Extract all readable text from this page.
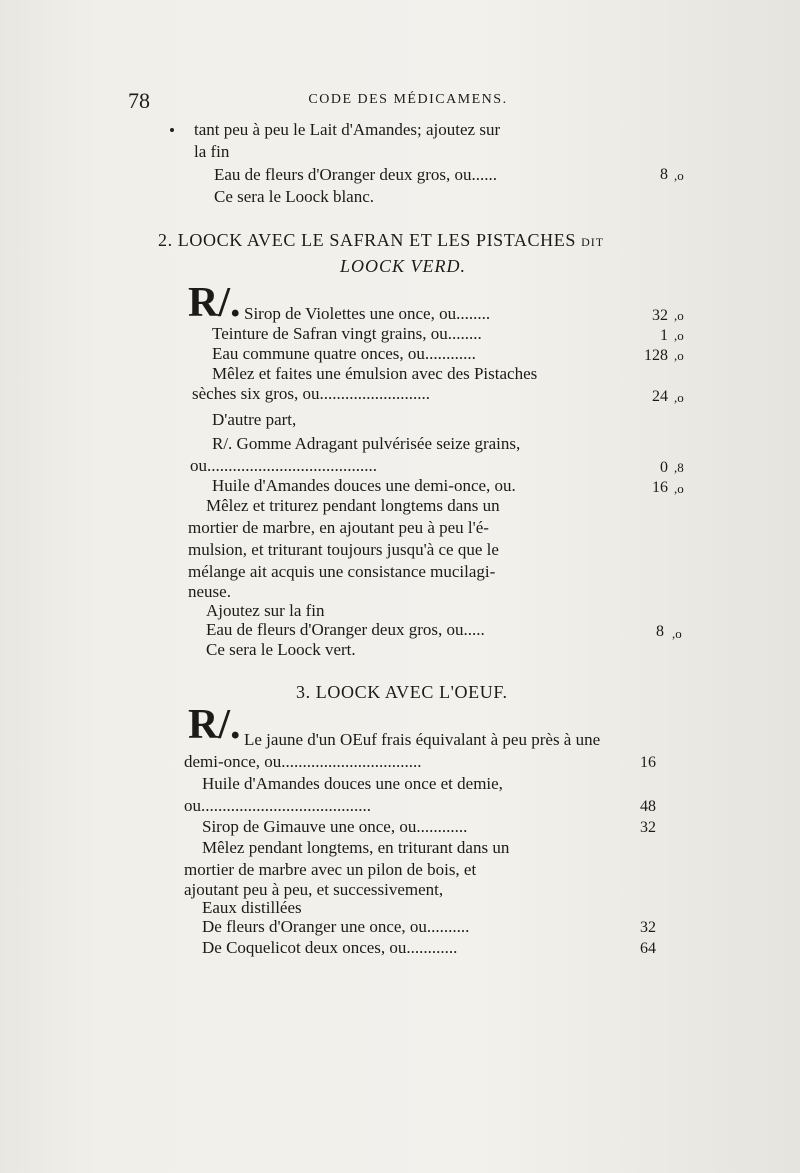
78	CODE DES MÉDICAMENS.
tant peu à peu le Lait d'Amandes; ajoutez sur
la fin
Eau de fleurs d'Oranger deux gros, ou......	8 ,o
Ce sera le Loock blanc.
2. LOOCK AVEC LE SAFRAN ET LES PISTACHES DIT
LOOCK VERD.
R/. Sirop de Violettes une once, ou........	32 ,o
Teinture de Safran vingt grains, ou........	1 ,o
Eau commune quatre onces, ou............	128 ,o
Mêlez et faites une émulsion avec des Pistaches
sèches six gros, ou..........................	24 ,o
D'autre part,
R/. Gomme Adragant pulvérisée seize grains,
ou........................................	0 ,8
Huile d'Amandes douces une demi-once, ou.	16 ,o
Mêlez et triturez pendant longtems dans un
mortier de marbre, en ajoutant peu à peu l'é-
mulsion, et triturant toujours jusqu'à ce que le
mélange ait acquis une consistance mucilagi-
neuse.
Ajoutez sur la fin
Eau de fleurs d'Oranger deux gros, ou.....	8 ,o
Ce sera le Loock vert.
3. LOOCK AVEC L'OEUF.
R/. Le jaune d'un OEuf frais équivalant à peu près à une
demi-once, ou.................................	16
Huile d'Amandes douces une once et demie,
ou........................................	48
Sirop de Gimauve une once, ou............	32
Mêlez pendant longtems, en triturant dans un
mortier de marbre avec un pilon de bois, et
ajoutant peu à peu, et successivement,
Eaux distillées
De fleurs d'Oranger une once, ou..........	32
De Coquelicot deux onces, ou............	64
